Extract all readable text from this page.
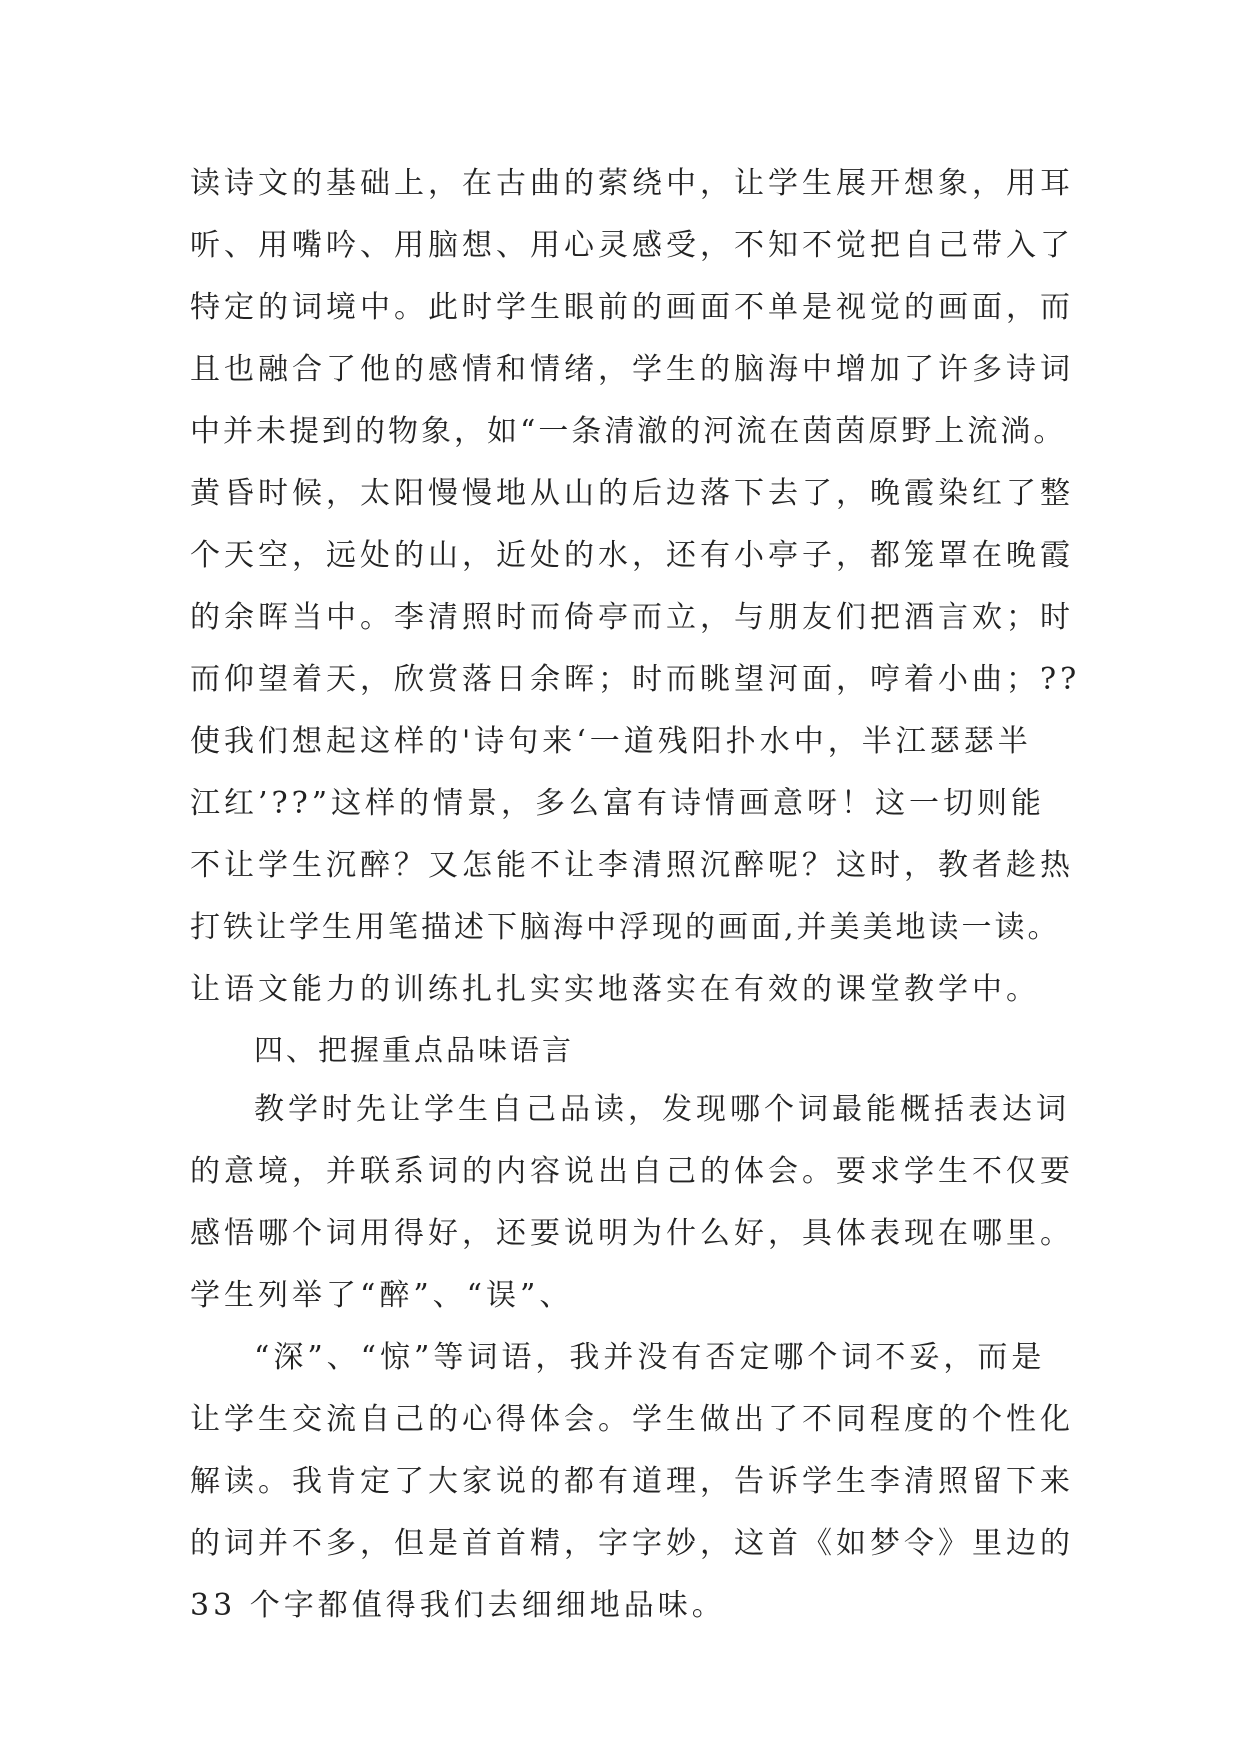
读诗文的基础上，在古曲的萦绕中，让学生展开想象，用耳
听、用嘴吟、用脑想、用心灵感受，不知不觉把自己带入了
特定的词境中。此时学生眼前的画面不单是视觉的画面，而
且也融合了他的感情和情绪，学生的脑海中增加了许多诗词
中并未提到的物象，如“一条清澈的河流在茵茵原野上流淌。
黄昏时候，太阳慢慢地从山的后边落下去了，晚霞染红了整
个天空，远处的山，近处的水，还有小亭子，都笼罩在晚霞
的余晖当中。李清照时而倚亭而立，与朋友们把酒言欢；时
而仰望着天，欣赏落日余晖；时而眺望河面，哼着小曲；??
使我们想起这样的'诗句来‘一道残阳扑水中，半江瑟瑟半
江红’??”这样的情景，多么富有诗情画意呀！这一切则能
不让学生沉醉？又怎能不让李清照沉醉呢？这时，教者趁热
打铁让学生用笔描述下脑海中浮现的画面,并美美地读一读。
让语文能力的训练扎扎实实地落实在有效的课堂教学中。
四、把握重点品味语言
教学时先让学生自己品读，发现哪个词最能概括表达词
的意境，并联系词的内容说出自己的体会。要求学生不仅要
感悟哪个词用得好，还要说明为什么好，具体表现在哪里。
学生列举了“醉”、“误”、
“深”、“惊”等词语，我并没有否定哪个词不妥，而是
让学生交流自己的心得体会。学生做出了不同程度的个性化
解读。我肯定了大家说的都有道理，告诉学生李清照留下来
的词并不多，但是首首精，字字妙，这首《如梦令》里边的
33 个字都值得我们去细细地品味。
